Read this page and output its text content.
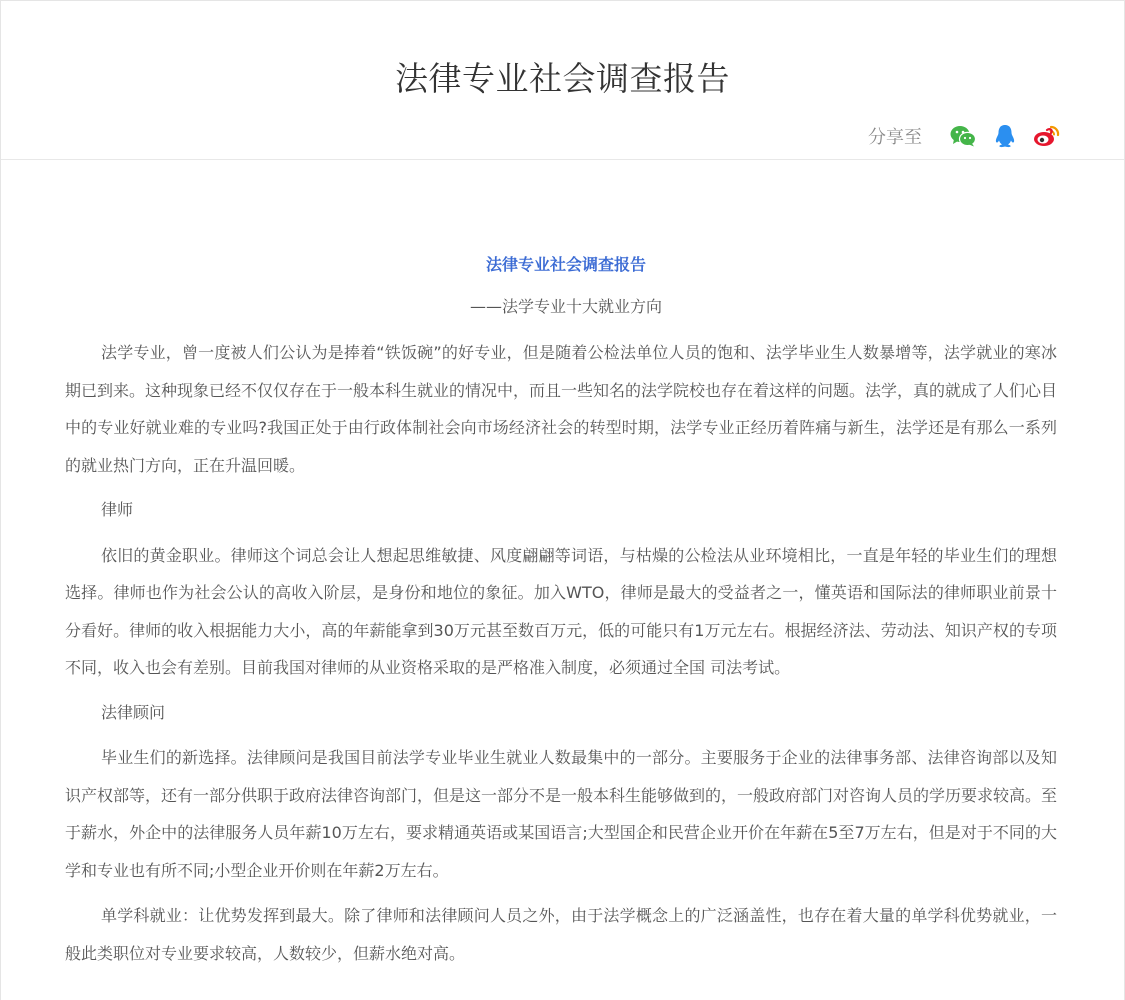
法律专业社会调查报告
分享至

法律专业社会调查报告

——法学专业十大就业方向

法学专业，曾一度被人们公认为是捧着“铁饭碗”的好专业，但是随着公检法单位人员的饱和、法学毕业生人数暴增等，法学就业的寒冰期已到来。这种现象已经不仅仅存在于一般本科生就业的情况中，而且一些知名的法学院校也存在着这样的问题。法学，真的就成了人们心目中的专业好就业难的专业吗?我国正处于由行政体制社会向市场经济社会的转型时期，法学专业正经历着阵痛与新生，法学还是有那么一系列的就业热门方向，正在升温回暖。

律师

依旧的黄金职业。律师这个词总会让人想起思维敏捷、风度翩翩等词语，与枯燥的公检法从业环境相比，一直是年轻的毕业生们的理想选择。律师也作为社会公认的高收入阶层，是身份和地位的象征。加入WTO，律师是最大的受益者之一，懂英语和国际法的律师职业前景十分看好。律师的收入根据能力大小，高的年薪能拿到30万元甚至数百万元，低的可能只有1万元左右。根据经济法、劳动法、知识产权的专项不同，收入也会有差别。目前我国对律师的从业资格采取的是严格准入制度，必须通过全国 司法考试。

法律顾问

毕业生们的新选择。法律顾问是我国目前法学专业毕业生就业人数最集中的一部分。主要服务于企业的法律事务部、法律咨询部以及知识产权部等，还有一部分供职于政府法律咨询部门，但是这一部分不是一般本科生能够做到的，一般政府部门对咨询人员的学历要求较高。至于薪水，外企中的法律服务人员年薪10万左右，要求精通英语或某国语言;大型国企和民营企业开价在年薪在5至7万左右，但是对于不同的大学和专业也有所不同;小型企业开价则在年薪2万左右。

单学科就业：让优势发挥到最大。除了律师和法律顾问人员之外，由于法学概念上的广泛涵盖性，也存在着大量的单学科优势就业，一般此类职位对专业要求较高，人数较少，但薪水绝对高。
